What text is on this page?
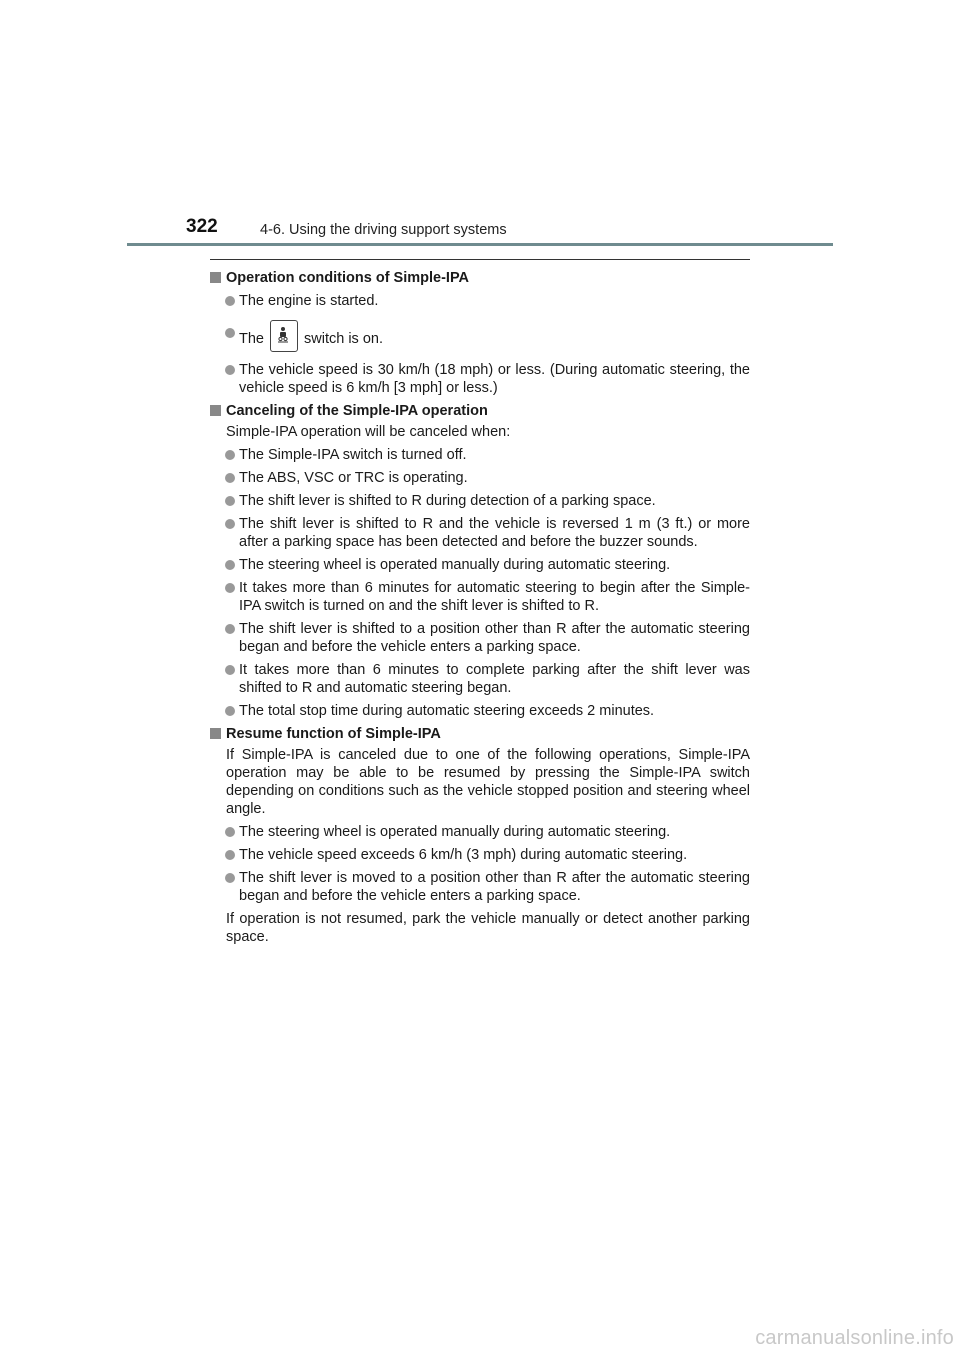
322	4-6. Using the driving support systems
Operation conditions of Simple-IPA
The engine is started.
The	switch is on.
The vehicle speed is 30 km/h (18 mph) or less. (During automatic steering, the vehicle speed is 6 km/h [3 mph] or less.)
Canceling of the Simple-IPA operation
Simple-IPA operation will be canceled when:
The Simple-IPA switch is turned off.
The ABS, VSC or TRC is operating.
The shift lever is shifted to R during detection of a parking space.
The shift lever is shifted to R and the vehicle is reversed 1 m (3 ft.) or more after a parking space has been detected and before the buzzer sounds.
The steering wheel is operated manually during automatic steering.
It takes more than 6 minutes for automatic steering to begin after the Simple-IPA switch is turned on and the shift lever is shifted to R.
The shift lever is shifted to a position other than R after the automatic steering began and before the vehicle enters a parking space.
It takes more than 6 minutes to complete parking after the shift lever was shifted to R and automatic steering began.
The total stop time during automatic steering exceeds 2 minutes.
Resume function of Simple-IPA
If Simple-IPA is canceled due to one of the following operations, Simple-IPA operation may be able to be resumed by pressing the Simple-IPA switch depending on conditions such as the vehicle stopped position and steering wheel angle.
The steering wheel is operated manually during automatic steering.
The vehicle speed exceeds 6 km/h (3 mph) during automatic steering.
The shift lever is moved to a position other than R after the automatic steering began and before the vehicle enters a parking space.
If operation is not resumed, park the vehicle manually or detect another parking space.
carmanualsonline.info
